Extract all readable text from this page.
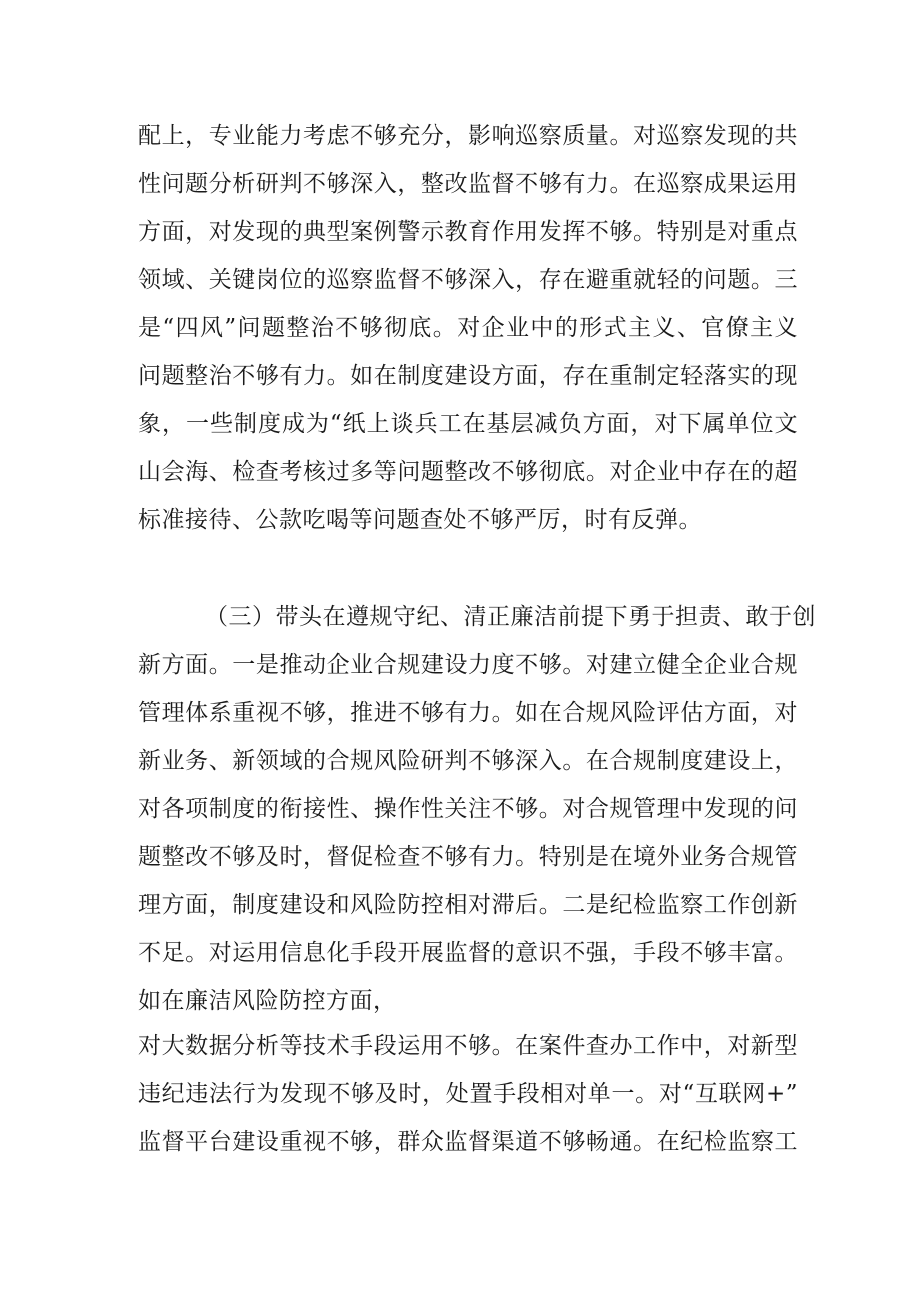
配上，专业能力考虑不够充分，影响巡察质量。对巡察发现的共
性问题分析研判不够深入，整改监督不够有力。在巡察成果运用
方面，对发现的典型案例警示教育作用发挥不够。特别是对重点
领域、关键岗位的巡察监督不够深入，存在避重就轻的问题。三
是“四风”问题整治不够彻底。对企业中的形式主义、官僚主义
问题整治不够有力。如在制度建设方面，存在重制定轻落实的现
象，一些制度成为“纸上谈兵工在基层减负方面，对下属单位文
山会海、检查考核过多等问题整改不够彻底。对企业中存在的超
标准接待、公款吃喝等问题查处不够严厉，时有反弹。
（三）带头在遵规守纪、清正廉洁前提下勇于担责、敢于创
新方面。一是推动企业合规建设力度不够。对建立健全企业合规
管理体系重视不够，推进不够有力。如在合规风险评估方面，对
新业务、新领域的合规风险研判不够深入。在合规制度建设上，
对各项制度的衔接性、操作性关注不够。对合规管理中发现的问
题整改不够及时，督促检查不够有力。特别是在境外业务合规管
理方面，制度建设和风险防控相对滞后。二是纪检监察工作创新
不足。对运用信息化手段开展监督的意识不强，手段不够丰富。
如在廉洁风险防控方面，
对大数据分析等技术手段运用不够。在案件查办工作中，对新型
违纪违法行为发现不够及时，处置手段相对单一。对“互联网+”
监督平台建设重视不够，群众监督渠道不够畅通。在纪检监察工
